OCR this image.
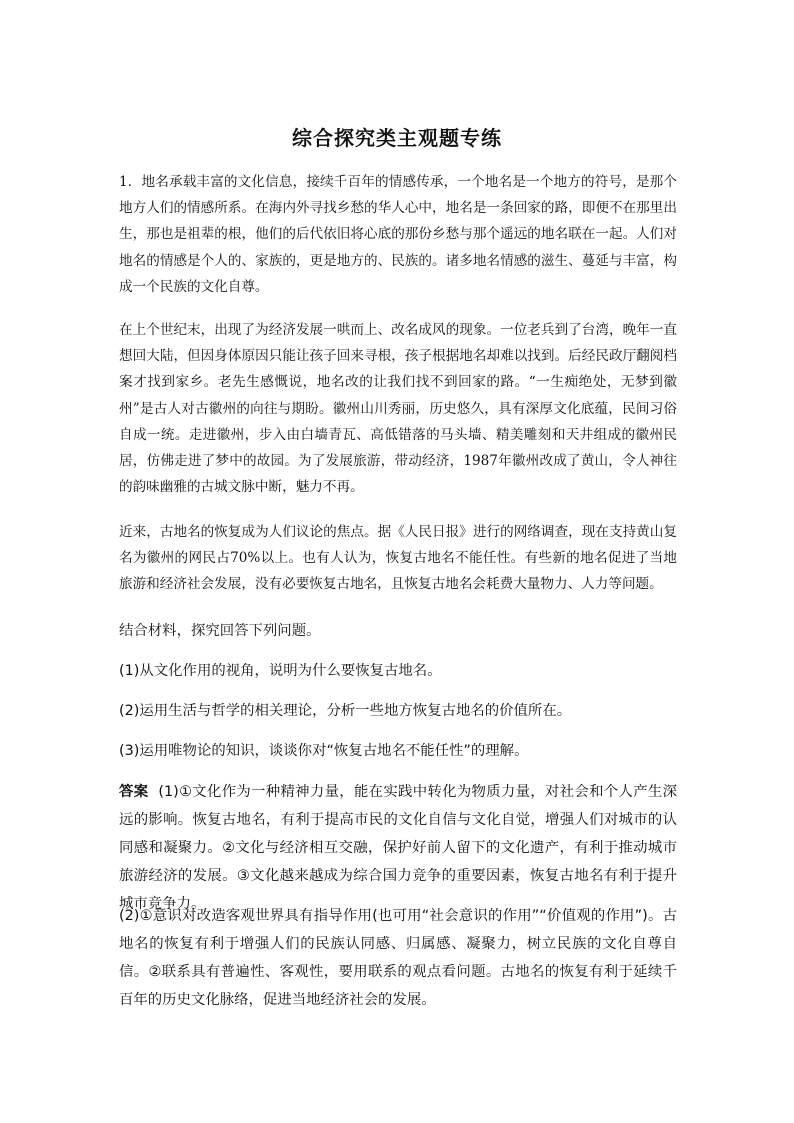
综合探究类主观题专练

1．地名承载丰富的文化信息，接续千百年的情感传承，一个地名是一个地方的符号，是那个地方人们的情感所系。在海内外寻找乡愁的华人心中，地名是一条回家的路，即便不在那里出生，那也是祖辈的根，他们的后代依旧将心底的那份乡愁与那个遥远的地名联在一起。人们对地名的情感是个人的、家族的，更是地方的、民族的。诸多地名情感的滋生、蔓延与丰富，构成一个民族的文化自尊。

在上个世纪末，出现了为经济发展一哄而上、改名成风的现象。一位老兵到了台湾，晚年一直想回大陆，但因身体原因只能让孩子回来寻根，孩子根据地名却难以找到。后经民政厅翻阅档案才找到家乡。老先生感慨说，地名改的让我们找不到回家的路。“一生痴绝处，无梦到徽州”是古人对古徽州的向往与期盼。徽州山川秀丽，历史悠久，具有深厚文化底蕴，民间习俗自成一统。走进徽州，步入由白墙青瓦、高低错落的马头墙、精美雕刻和天井组成的徽州民居，仿佛走进了梦中的故园。为了发展旅游，带动经济，1987年徽州改成了黄山，令人神往的韵味幽雅的古城文脉中断，魅力不再。

近来，古地名的恢复成为人们议论的焦点。据《人民日报》进行的网络调查，现在支持黄山复名为徽州的网民占70%以上。也有人认为，恢复古地名不能任性。有些新的地名促进了当地旅游和经济社会发展，没有必要恢复古地名，且恢复古地名会耗费大量物力、人力等问题。

结合材料，探究回答下列问题。

(1)从文化作用的视角，说明为什么要恢复古地名。

(2)运用生活与哲学的相关理论，分析一些地方恢复古地名的价值所在。

(3)运用唯物论的知识，谈谈你对“恢复古地名不能任性”的理解。

答案 (1)①文化作为一种精神力量，能在实践中转化为物质力量，对社会和个人产生深远的影响。恢复古地名，有利于提高市民的文化自信与文化自觉，增强人们对城市的认同感和凝聚力。②文化与经济相互交融，保护好前人留下的文化遗产，有利于推动城市旅游经济的发展。③文化越来越成为综合国力竞争的重要因素，恢复古地名有利于提升城市竞争力。

(2)①意识对改造客观世界具有指导作用(也可用“社会意识的作用”“价值观的作用”)。古地名的恢复有利于增强人们的民族认同感、归属感、凝聚力，树立民族的文化自尊自信。②联系具有普遍性、客观性，要用联系的观点看问题。古地名的恢复有利于延续千百年的历史文化脉络，促进当地经济社会的发展。
